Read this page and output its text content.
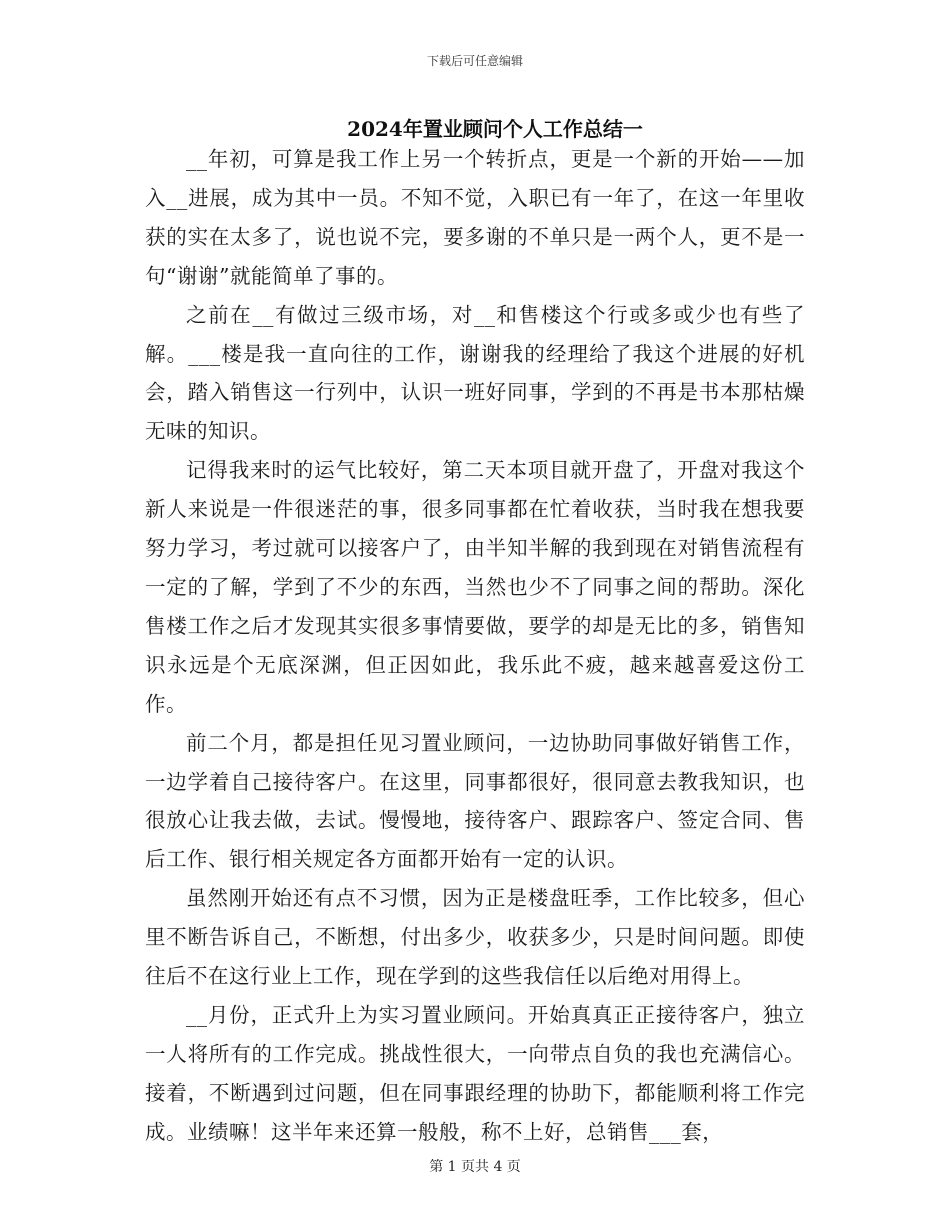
下载后可任意编辑
2024年置业顾问个人工作总结一

__年初，可算是我工作上另一个转折点，更是一个新的开始——加入__进展，成为其中一员。不知不觉，入职已有一年了，在这一年里收获的实在太多了，说也说不完，要多谢的不单只是一两个人，更不是一句“谢谢”就能简单了事的。

之前在__有做过三级市场，对__和售楼这个行或多或少也有些了解。___楼是我一直向往的工作，谢谢我的经理给了我这个进展的好机会，踏入销售这一行列中，认识一班好同事，学到的不再是书本那枯燥无味的知识。

记得我来时的运气比较好，第二天本项目就开盘了，开盘对我这个新人来说是一件很迷茫的事，很多同事都在忙着收获，当时我在想我要努力学习，考过就可以接客户了，由半知半解的我到现在对销售流程有一定的了解，学到了不少的东西，当然也少不了同事之间的帮助。深化售楼工作之后才发现其实很多事情要做，要学的却是无比的多，销售知识永远是个无底深渊，但正因如此，我乐此不疲，越来越喜爱这份工作。

前二个月，都是担任见习置业顾问，一边协助同事做好销售工作，一边学着自己接待客户。在这里，同事都很好，很同意去教我知识，也很放心让我去做，去试。慢慢地，接待客户、跟踪客户、签定合同、售后工作、银行相关规定各方面都开始有一定的认识。

虽然刚开始还有点不习惯，因为正是楼盘旺季，工作比较多，但心里不断告诉自己，不断想，付出多少，收获多少，只是时间问题。即使往后不在这行业上工作，现在学到的这些我信任以后绝对用得上。

__月份，正式升上为实习置业顾问。开始真真正正接待客户，独立一人将所有的工作完成。挑战性很大，一向带点自负的我也充满信心。接着，不断遇到过问题，但在同事跟经理的协助下，都能顺利将工作完成。业绩嘛！这半年来还算一般般，称不上好，总销售___套，

第 1 页共 4 页
